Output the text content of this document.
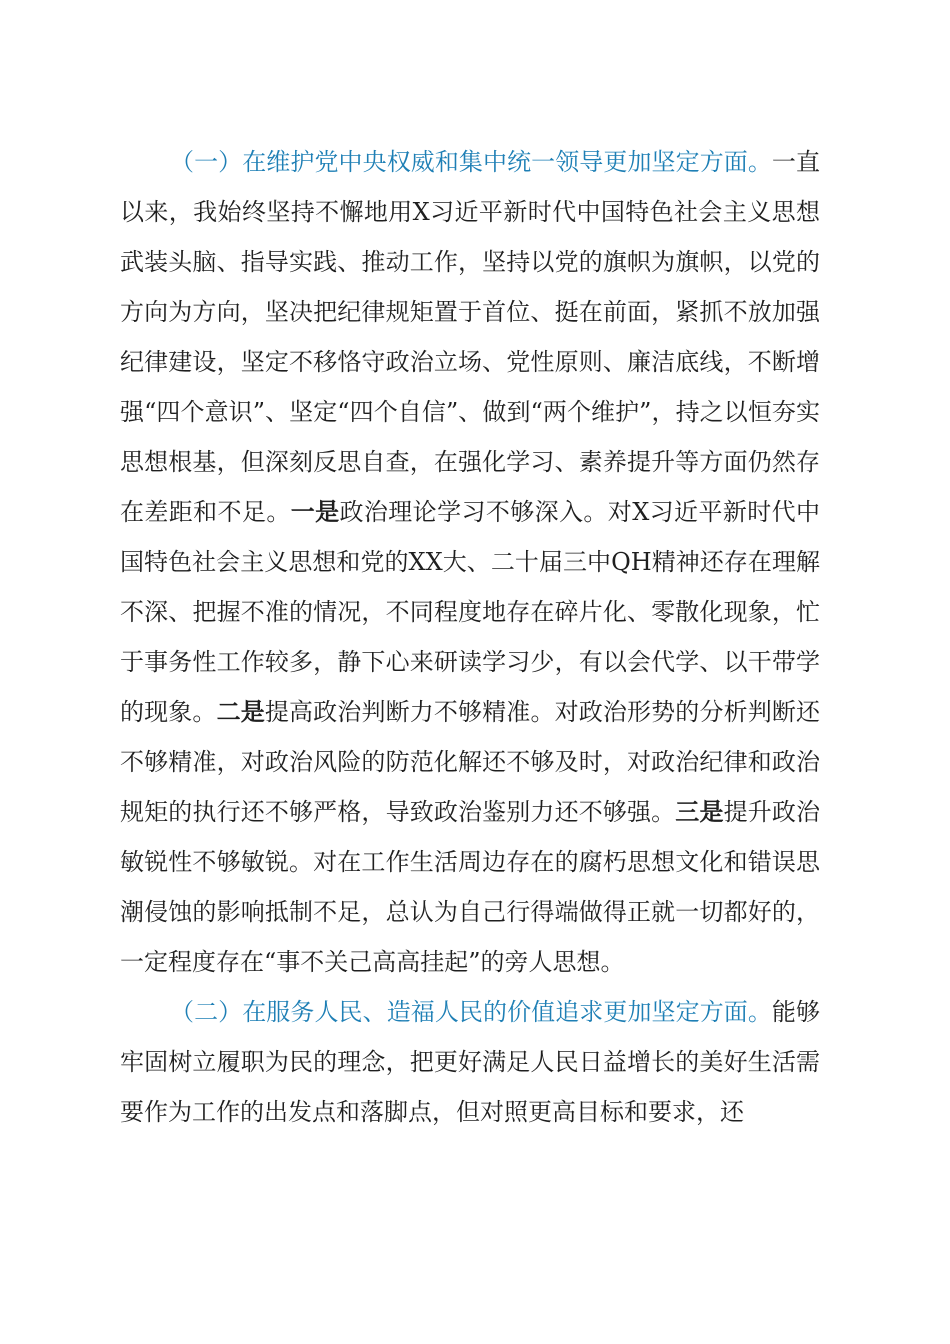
（一）在维护党中央权威和集中统一领导更加坚定方面。一直以来，我始终坚持不懈地用X习近平新时代中国特色社会主义思想武装头脑、指导实践、推动工作，坚持以党的旗帜为旗帜，以党的方向为方向，坚决把纪律规矩置于首位、挺在前面，紧抓不放加强纪律建设，坚定不移恪守政治立场、党性原则、廉洁底线，不断增强“四个意识”、坚定“四个自信”、做到“两个维护”，持之以恒夯实思想根基，但深刻反思自查，在强化学习、素养提升等方面仍然存在差距和不足。一是政治理论学习不够深入。对X习近平新时代中国特色社会主义思想和党的XX大、二十届三中QH精神还存在理解不深、把握不准的情况，不同程度地存在碎片化、零散化现象，忙于事务性工作较多，静下心来研读学习少，有以会代学、以干带学的现象。二是提高政治判断力不够精准。对政治形势的分析判断还不够精准，对政治风险的防范化解还不够及时，对政治纪律和政治规矩的执行还不够严格，导致政治鉴别力还不够强。三是提升政治敏锐性不够敏锐。对在工作生活周边存在的腐朽思想文化和错误思潮侵蚀的影响抵制不足，总认为自己行得端做得正就一切都好的，一定程度存在“事不关己高高挂起”的旁人思想。

（二）在服务人民、造福人民的价值追求更加坚定方面。能够牢固树立履职为民的理念，把更好满足人民日益增长的美好生活需要作为工作的出发点和落脚点，但对照更高目标和要求，还
